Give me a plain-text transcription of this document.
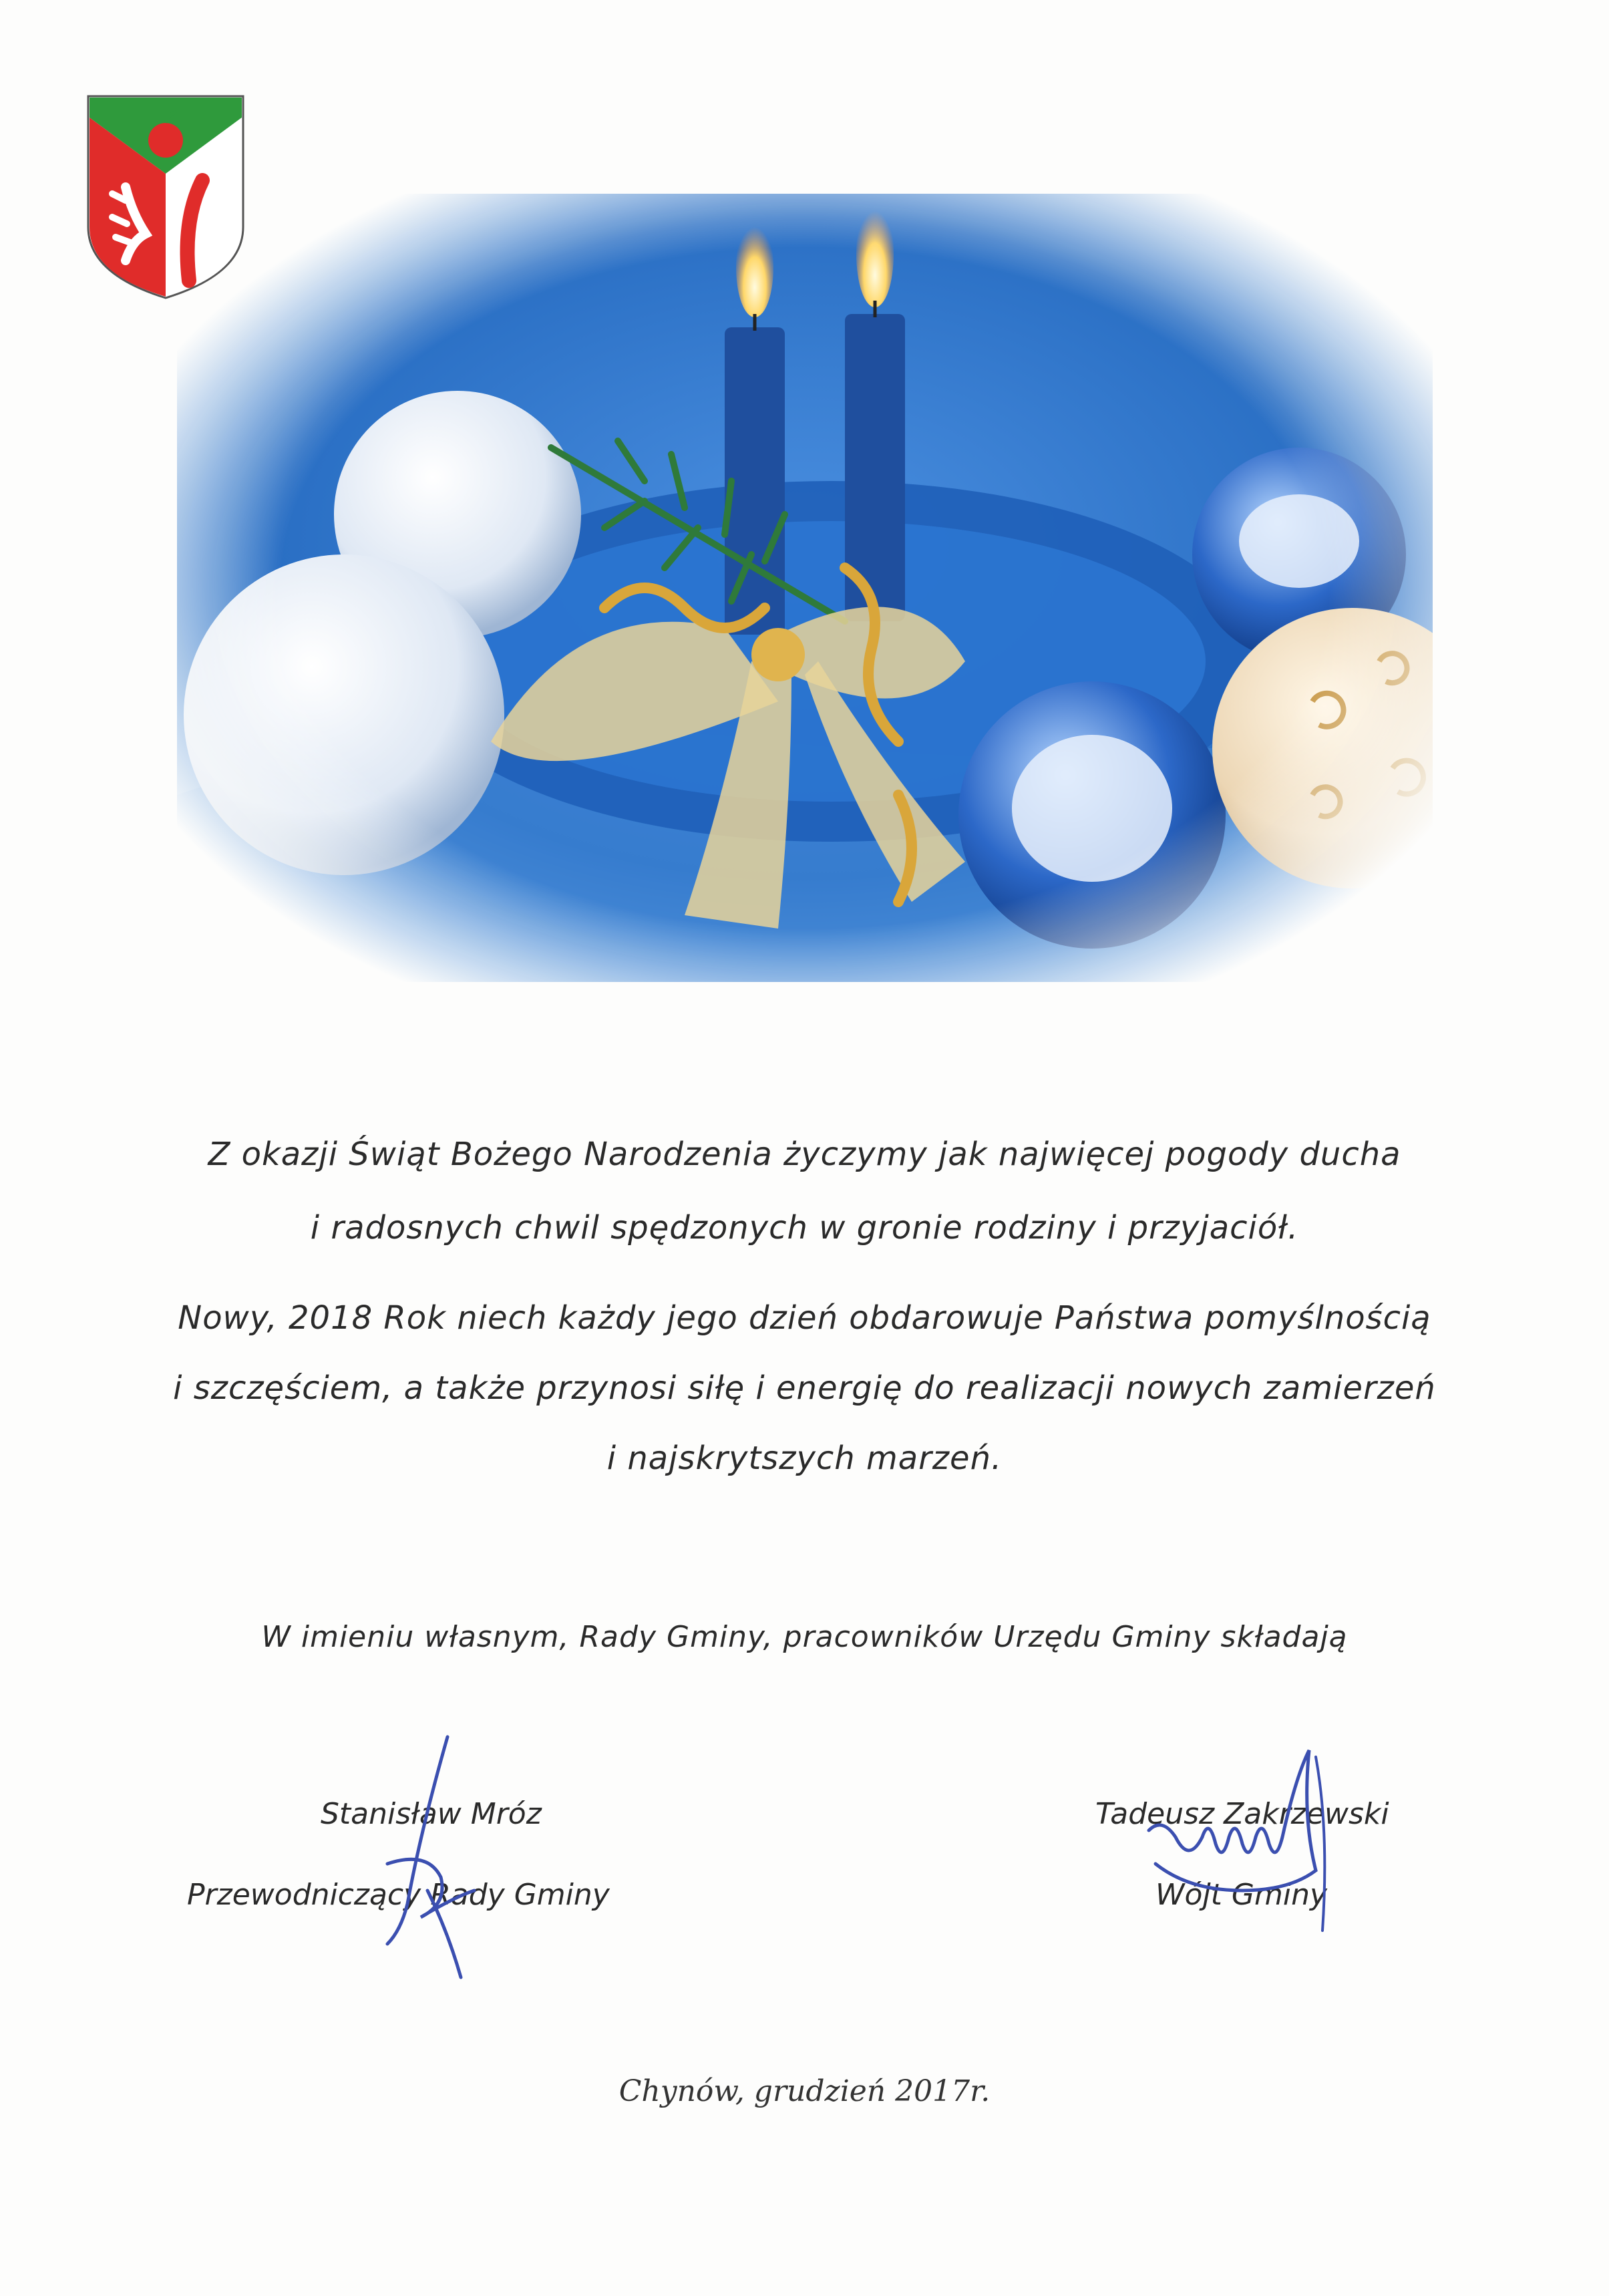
Z okazji Świąt Bożego Narodzenia życzymy jak najwięcej pogody ducha
i radosnych chwil spędzonych w gronie rodziny i przyjaciół.
Nowy, 2018 Rok niech każdy jego dzień obdarowuje Państwa pomyślnością
i szczęściem, a także przynosi siłę i energię do realizacji nowych zamierzeń
i najskrytszych marzeń.
W imieniu własnym, Rady Gminy, pracowników Urzędu Gminy składają
Stanisław Mróz
Przewodniczący Rady Gminy
Tadeusz Zakrzewski
Wójt Gminy
Chynów, grudzień 2017r.
